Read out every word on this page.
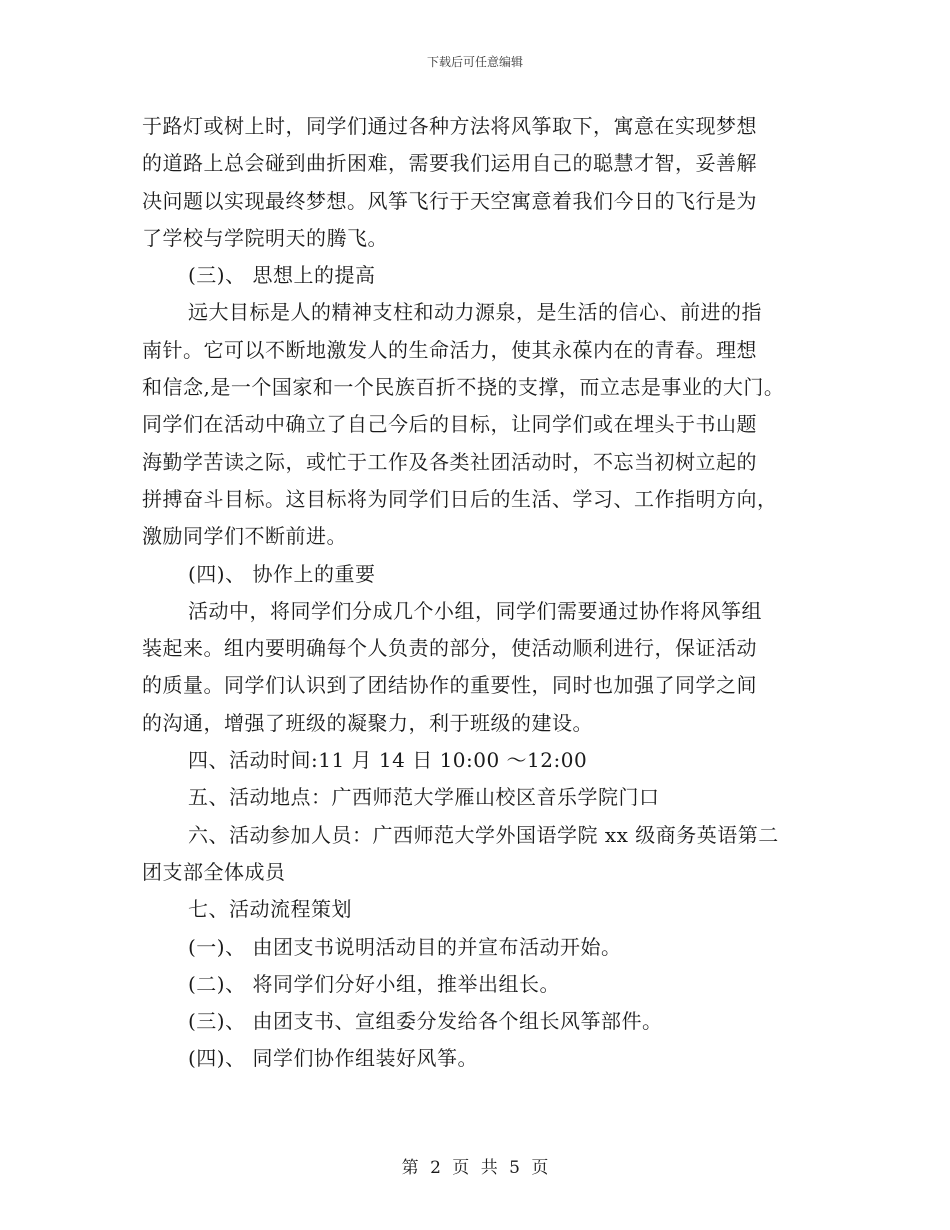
下载后可任意编辑
于路灯或树上时，同学们通过各种方法将风筝取下，寓意在实现梦想
的道路上总会碰到曲折困难，需要我们运用自己的聪慧才智，妥善解
决问题以实现最终梦想。风筝飞行于天空寓意着我们今日的飞行是为
了学校与学院明天的腾飞。
(三)、 思想上的提高
远大目标是人的精神支柱和动力源泉，是生活的信心、前进的指
南针。它可以不断地激发人的生命活力，使其永葆内在的青春。理想
和信念,是一个国家和一个民族百折不挠的支撑，而立志是事业的大门。
同学们在活动中确立了自己今后的目标，让同学们或在埋头于书山题
海勤学苦读之际，或忙于工作及各类社团活动时，不忘当初树立起的
拼搏奋斗目标。这目标将为同学们日后的生活、学习、工作指明方向，
激励同学们不断前进。
(四)、 协作上的重要
活动中，将同学们分成几个小组，同学们需要通过协作将风筝组
装起来。组内要明确每个人负责的部分，使活动顺利进行，保证活动
的质量。同学们认识到了团结协作的重要性，同时也加强了同学之间
的沟通，增强了班级的凝聚力，利于班级的建设。
四、活动时间:11 月 14 日 10:00 ～12:00
五、活动地点：广西师范大学雁山校区音乐学院门口
六、活动参加人员：广西师范大学外国语学院 xx 级商务英语第二
团支部全体成员
七、活动流程策划
(一)、 由团支书说明活动目的并宣布活动开始。
(二)、 将同学们分好小组，推举出组长。
(三)、 由团支书、宣组委分发给各个组长风筝部件。
(四)、 同学们协作组装好风筝。
第 2 页 共 5 页
